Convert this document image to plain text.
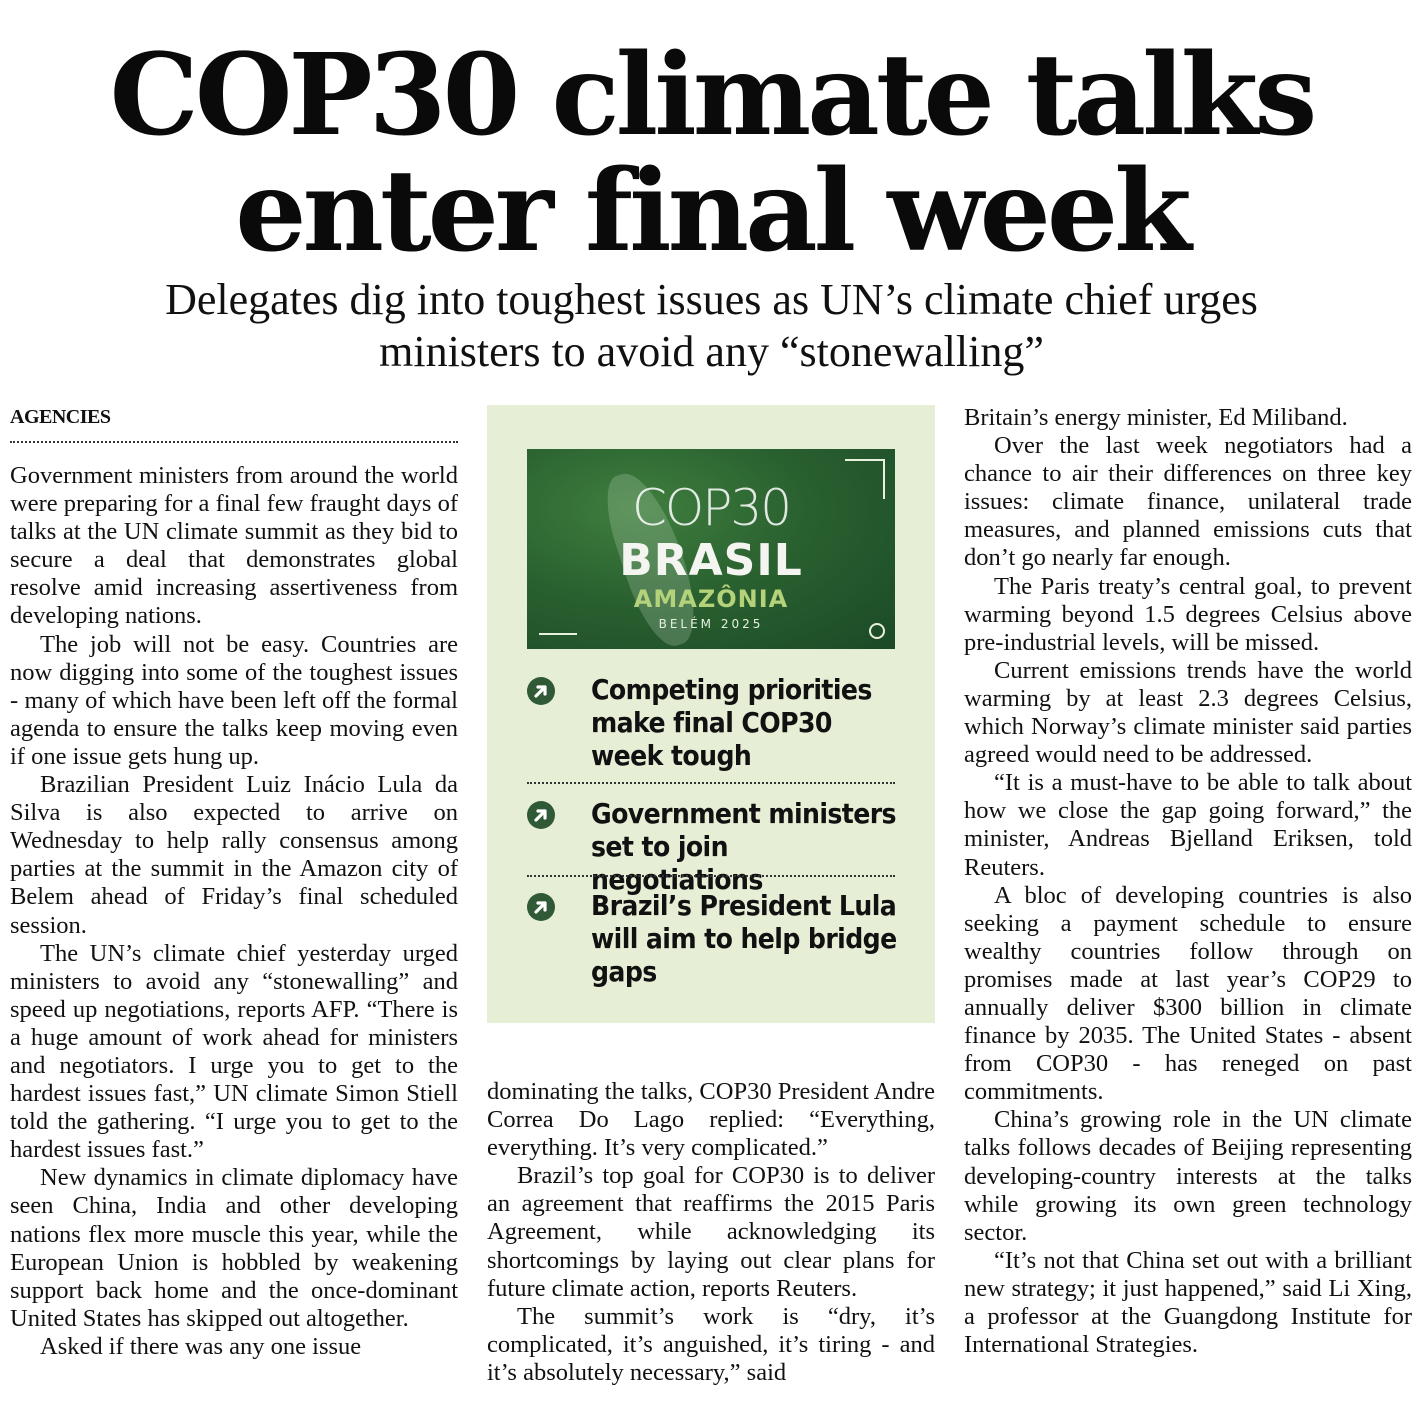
COP30 climate talks
enter final week
Delegates dig into toughest issues as UN’s climate chief urges
ministers to avoid any “stonewalling”
AGENCIES

Government ministers from around the world were preparing for a final few fraught days of talks at the UN climate summit as they bid to secure a deal that demonstrates global resolve amid increasing assertiveness from developing nations.

The job will not be easy. Countries are now digging into some of the toughest issues - many of which have been left off the formal agenda to ensure the talks keep moving even if one issue gets hung up.

Brazilian President Luiz Inácio Lula da Silva is also expected to arrive on Wednesday to help rally consensus among parties at the summit in the Amazon city of Belem ahead of Friday’s final scheduled session.

The UN’s climate chief yesterday urged ministers to avoid any “stonewalling” and speed up negotiations, reports AFP. “There is a huge amount of work ahead for ministers and negotiators. I urge you to get to the hardest issues fast,” UN climate Simon Stiell told the gathering. “I urge you to get to the hardest issues fast.”

New dynamics in climate diplomacy have seen China, India and other developing nations flex more muscle this year, while the European Union is hobbled by weakening support back home and the once-dominant United States has skipped out altogether.

Asked if there was any one issue

COP30
BRASIL
AMAZÔNIA
BELÉM 2025
Competing priorities make final COP30 week tough
Government ministers set to join negotiations
Brazil’s President Lula will aim to help bridge gaps

dominating the talks, COP30 President Andre Correa Do Lago replied: “Everything, everything. It’s very complicated.”

Brazil’s top goal for COP30 is to deliver an agreement that reaffirms the 2015 Paris Agreement, while acknowledging its shortcomings by laying out clear plans for future climate action, reports Reuters.

The summit’s work is “dry, it’s complicated, it’s anguished, it’s tiring - and it’s absolutely necessary,” said

Britain’s energy minister, Ed Miliband.

Over the last week negotiators had a chance to air their differences on three key issues: climate finance, unilateral trade measures, and planned emissions cuts that don’t go nearly far enough.

The Paris treaty’s central goal, to prevent warming beyond 1.5 degrees Celsius above pre-industrial levels, will be missed.

Current emissions trends have the world warming by at least 2.3 degrees Celsius, which Norway’s climate minister said parties agreed would need to be addressed.

“It is a must-have to be able to talk about how we close the gap going forward,” the minister, Andreas Bjelland Eriksen, told Reuters.

A bloc of developing countries is also seeking a payment schedule to ensure wealthy countries follow through on promises made at last year’s COP29 to annually deliver $300 billion in climate finance by 2035. The United States - absent from COP30 - has reneged on past commitments.

China’s growing role in the UN climate talks follows decades of Beijing representing developing-country interests at the talks while growing its own green technology sector.

“It’s not that China set out with a brilliant new strategy; it just happened,” said Li Xing, a professor at the Guangdong Institute for International Strategies.
